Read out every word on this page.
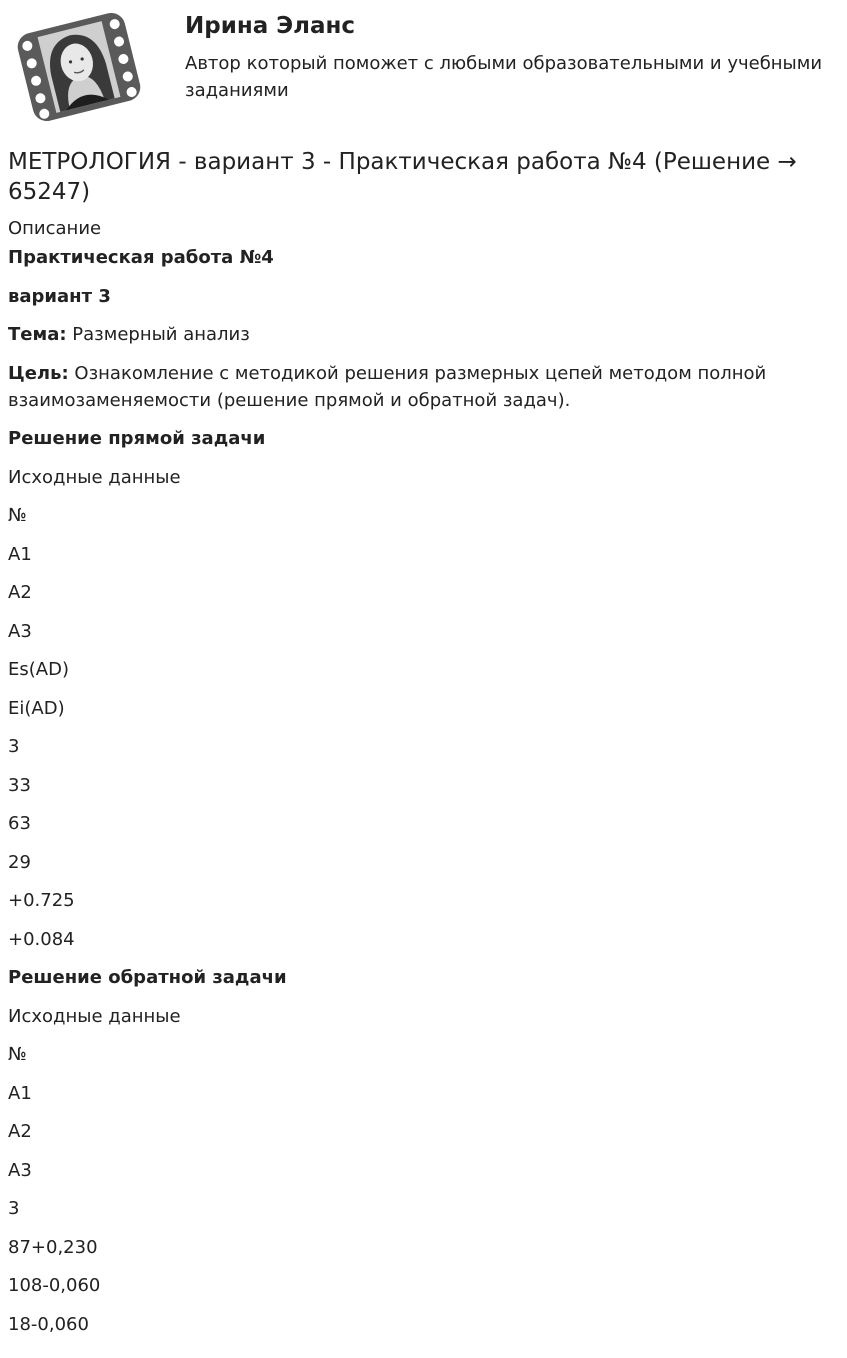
Ирина Эланс

Автор который поможет с любыми образовательными и учебными заданиями

МЕТРОЛОГИЯ - вариант 3 - Практическая работа №4 (Решение → 65247)
Описание

Практическая работа №4

вариант 3

Тема: Размерный анализ

Цель: Ознакомление с методикой решения размерных цепей методом полной взаимозаменяемости (решение прямой и обратной задач).

Решение прямой задачи

Исходные данные

№

А1

А2

А3

Es(AD)

Ei(AD)

3

33

63

29

+0.725

+0.084

Решение обратной задачи

Исходные данные

№

А1

А2

А3

3

87+0,230

108-0,060

18-0,060
